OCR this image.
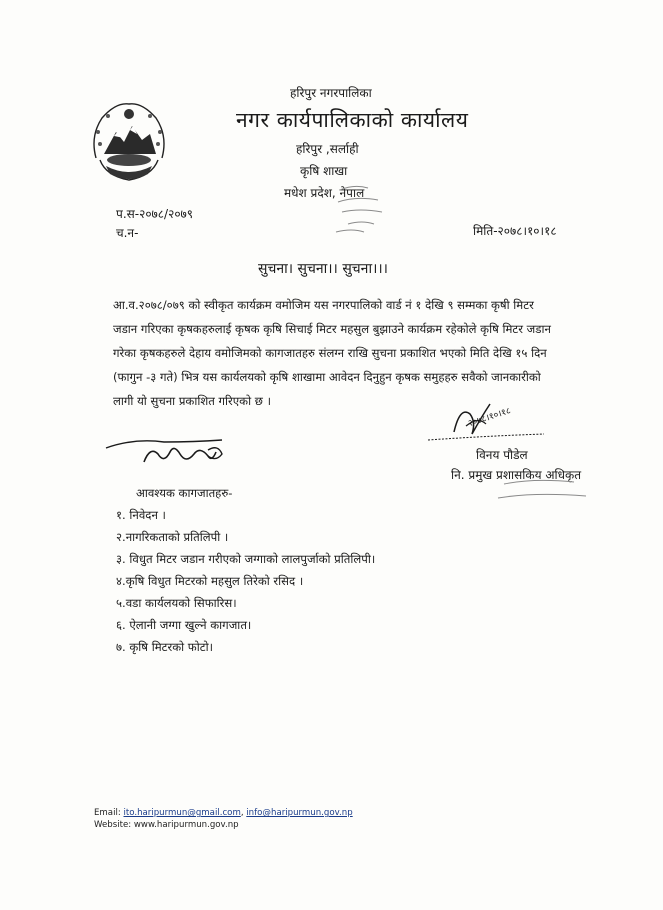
हरिपुर नगरपालिका
नगर कार्यपालिकाको कार्यालय
हरिपुर ,सर्लाही
कृषि शाखा
मधेश प्रदेश, नेपाल
प.स-२०७८/२०७९
च.न-	मिति-२०७८।१०।१८
सुचना। सुचना।। सुचना।।।
आ.व.२०७८/०७९ को स्वीकृत कार्यक्रम वमोजिम यस नगरपालिको वार्ड नं १ देखि ९ सम्मका कृषी मिटर
जडान गरिएका कृषकहरुलाई कृषक कृषि सिचाई मिटर महसुल बुझाउने कार्यक्रम रहेकोले कृषि मिटर जडान
गरेका कृषकहरुले देहाय वमोजिमको कागजातहरु संलग्न राखि सुचना प्रकाशित भएको मिति देखि १५ दिन
(फागुन -३ गते) भित्र यस कार्यलयको कृषि शाखामा आवेदन दिनुहुन कृषक समुहहरु सवैको जानकारीको
लागी यो सुचना प्रकाशित गरिएको छ ।
२०७८।१०।१८
विनय पौडेल
नि. प्रमुख प्रशासकिय अधिकृत
आवश्यक कागजातहरु-
१. निवेदन ।
२.नागरिकताको प्रतिलिपी ।
३. विधुत मिटर जडान गरीएको जग्गाको लालपुर्जाको प्रतिलिपी।
४.कृषि विधुत मिटरको महसुल तिरेको रसिद ।
५.वडा कार्यलयको सिफारिस।
६. ऐलानी जग्गा खुल्ने कागजात।
७. कृषि मिटरको फोटो।
Email: ito.haripurmun@gmail.com, info@haripurmun.gov.np
Website: www.haripurmun.gov.np
